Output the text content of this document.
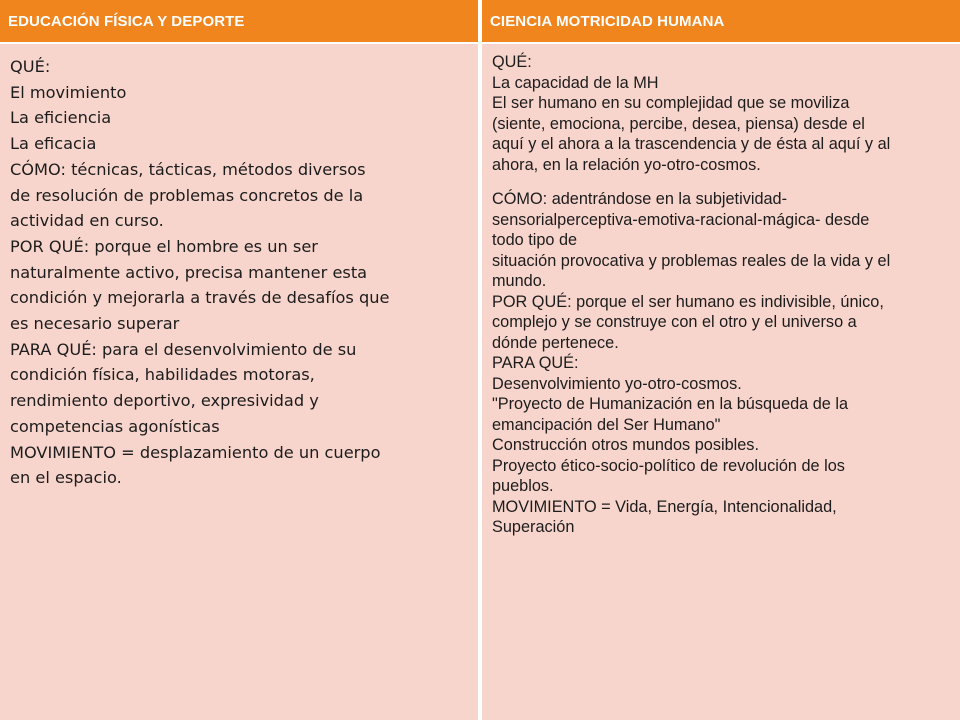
EDUCACIÓN FÍSICA Y DEPORTE	CIENCIA MOTRICIDAD HUMANA
QUÉ:
El movimiento
La eficiencia
La eficacia
CÓMO: técnicas, tácticas, métodos diversos
de resolución de problemas concretos de la
actividad en curso.
POR QUÉ: porque el hombre es un ser
naturalmente activo, precisa mantener esta
condición y mejorarla a través de desafíos que
es necesario superar
PARA QUÉ: para el desenvolvimiento de su
condición física, habilidades motoras,
rendimiento deportivo, expresividad y
competencias agonísticas
MOVIMIENTO = desplazamiento de un cuerpo
en el espacio.
QUÉ:
La capacidad de la MH
El ser humano en su complejidad que se moviliza
(siente, emociona, percibe, desea, piensa) desde el
aquí y el ahora a la trascendencia y de ésta al aquí y al
ahora, en la relación yo-otro-cosmos.
CÓMO: adentrándose en la subjetividad-
sensorialperceptiva-emotiva-racional-mágica- desde
todo tipo de
situación provocativa y problemas reales de la vida y el
mundo.
POR QUÉ: porque el ser humano es indivisible, único,
complejo y se construye con el otro y el universo a
dónde pertenece.
PARA QUÉ:
Desenvolvimiento yo-otro-cosmos.
"Proyecto de Humanización en la búsqueda de la
emancipación del Ser Humano"
Construcción otros mundos posibles.
Proyecto ético-socio-político de revolución de los
pueblos.
MOVIMIENTO = Vida, Energía, Intencionalidad,
Superación
